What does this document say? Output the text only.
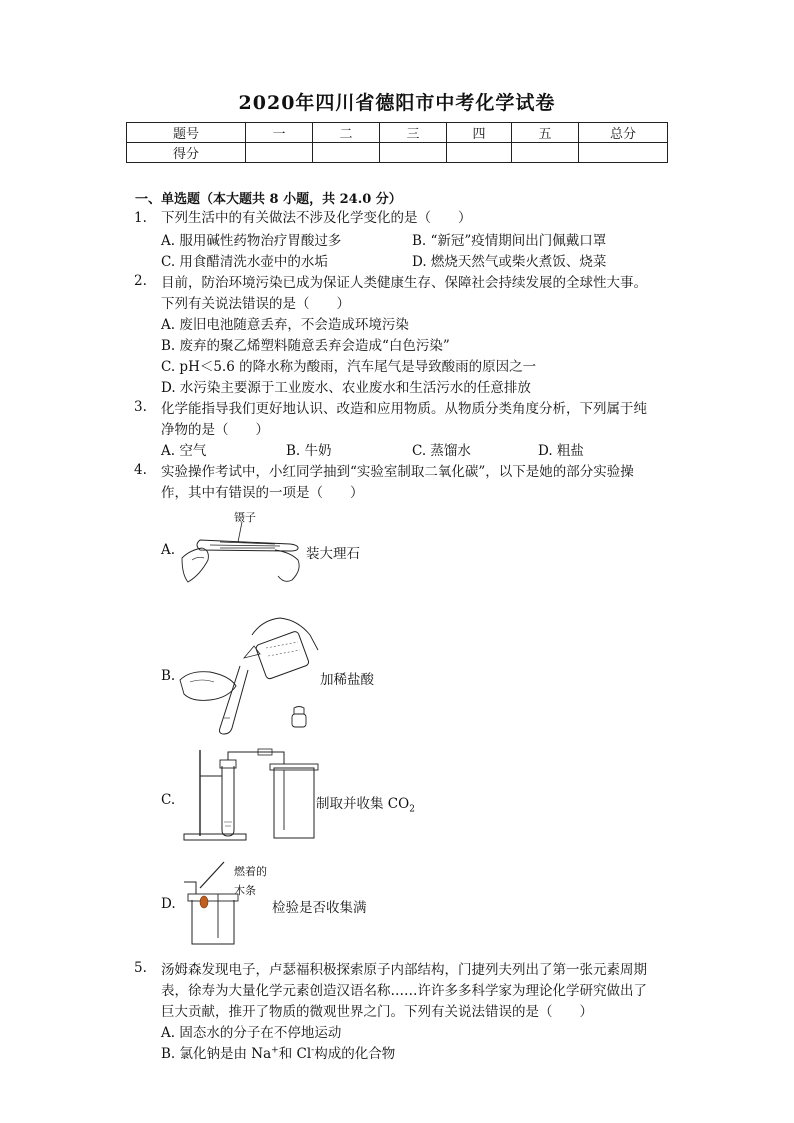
2020年四川省德阳市中考化学试卷
题号	一	二	三	四	五	总分
得分						
一、单选题（本大题共 8 小题，共 24.0 分）
1. 下列生活中的有关做法不涉及化学变化的是（　　）
A. 服用碱性药物治疗胃酸过多	B. “新冠”疫情期间出门佩戴口罩
C. 用食醋清洗水壶中的水垢	D. 燃烧天然气或柴火煮饭、烧菜
2. 目前，防治环境污染已成为保证人类健康生存、保障社会持续发展的全球性大事。
下列有关说法错误的是（　　）
A. 废旧电池随意丢弃，不会造成环境污染
B. 废弃的聚乙烯塑料随意丢弃会造成“白色污染”
C. pH＜5.6 的降水称为酸雨，汽车尾气是导致酸雨的原因之一
D. 水污染主要源于工业废水、农业废水和生活污水的任意排放
3. 化学能指导我们更好地认识、改造和应用物质。从物质分类角度分析，下列属于纯
净物的是（　　）
A. 空气	B. 牛奶	C. 蒸馏水	D. 粗盐
4. 实验操作考试中，小红同学抽到“实验室制取二氧化碳”，以下是她的部分实验操
作，其中有错误的一项是（　　）
A.
镊子
装大理石
B.	加稀盐酸
C.	制取并收集 $CO_2$
D.
燃着的
木条
检验是否收集满
5. 汤姆森发现电子，卢瑟福积极探索原子内部结构，门捷列夫列出了第一张元素周期
表，徐寿为大量化学元素创造汉语名称……许许多多科学家为理论化学研究做出了
巨大贡献，推开了物质的微观世界之门。下列有关说法错误的是（　　）
A. 固态水的分子在不停地运动
B. 氯化钠是由 Na+和 Cl-构成的化合物
